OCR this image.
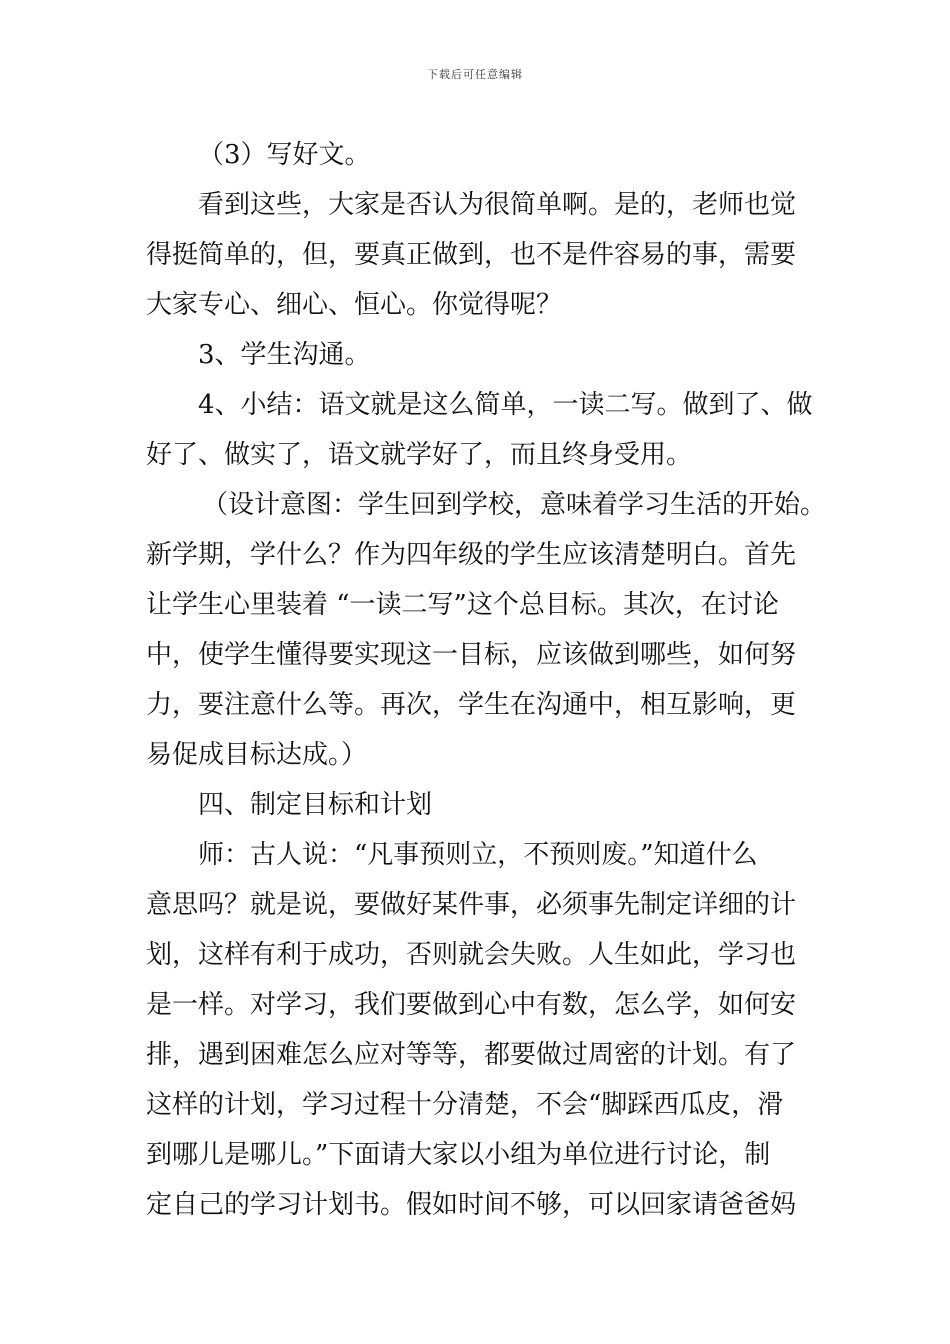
下载后可任意编辑
（3）写好文。
看到这些，大家是否认为很简单啊。是的，老师也觉
得挺简单的，但，要真正做到，也不是件容易的事，需要
大家专心、细心、恒心。你觉得呢？
3、学生沟通。
4、小结：语文就是这么简单，一读二写。做到了、做
好了、做实了，语文就学好了，而且终身受用。
（设计意图：学生回到学校，意味着学习生活的开始。
新学期，学什么？作为四年级的学生应该清楚明白。首先
让学生心里装着 “一读二写”这个总目标。其次，在讨论
中，使学生懂得要实现这一目标，应该做到哪些，如何努
力，要注意什么等。再次，学生在沟通中，相互影响，更
易促成目标达成。）
四、制定目标和计划
师：古人说：“凡事预则立，不预则废。”知道什么
意思吗？就是说，要做好某件事，必须事先制定详细的计
划，这样有利于成功，否则就会失败。人生如此，学习也
是一样。对学习，我们要做到心中有数，怎么学，如何安
排，遇到困难怎么应对等等，都要做过周密的计划。有了
这样的计划，学习过程十分清楚，不会“脚踩西瓜皮，滑
到哪儿是哪儿。”下面请大家以小组为单位进行讨论，制
定自己的学习计划书。假如时间不够，可以回家请爸爸妈
